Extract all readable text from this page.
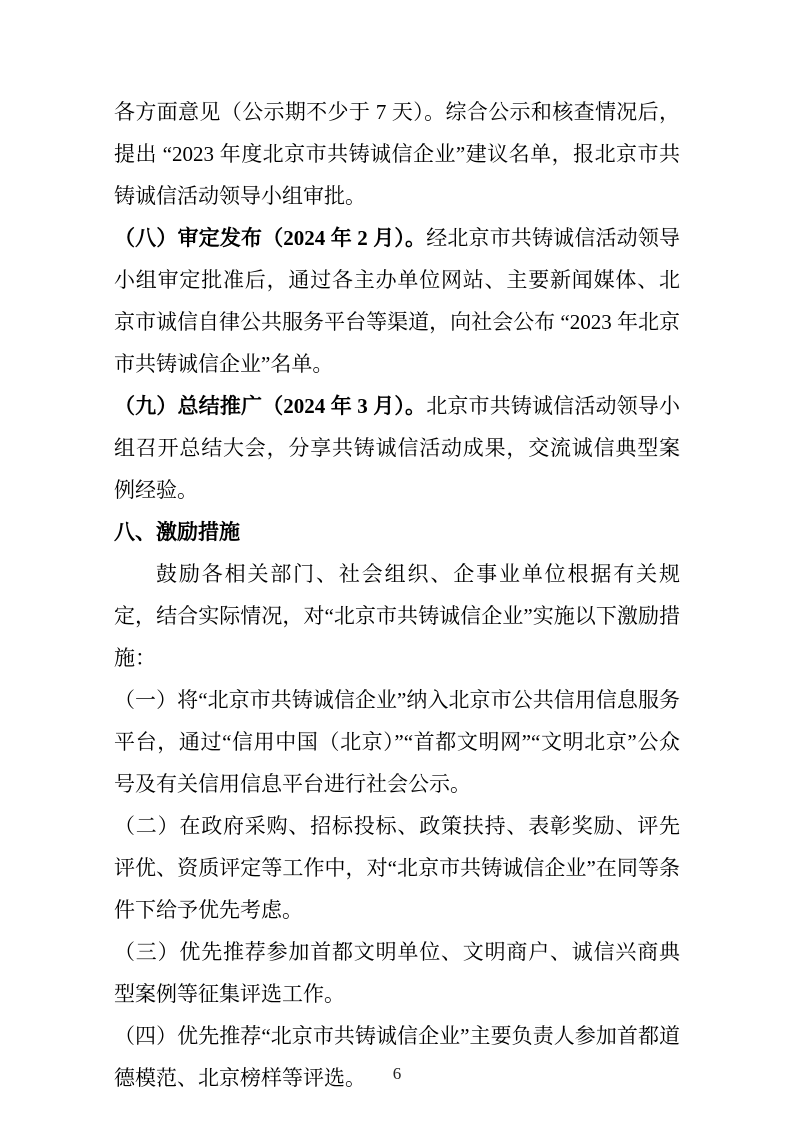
各方面意见（公示期不少于 7 天）。综合公示和核查情况后，提出 “2023 年度北京市共铸诚信企业”建议名单，报北京市共铸诚信活动领导小组审批。

（八）审定发布（2024 年 2 月）。经北京市共铸诚信活动领导小组审定批准后，通过各主办单位网站、主要新闻媒体、北京市诚信自律公共服务平台等渠道，向社会公布 “2023 年北京市共铸诚信企业”名单。

（九）总结推广（2024 年 3 月）。北京市共铸诚信活动领导小组召开总结大会，分享共铸诚信活动成果，交流诚信典型案例经验。

八、激励措施

鼓励各相关部门、社会组织、企事业单位根据有关规定，结合实际情况，对“北京市共铸诚信企业”实施以下激励措施：

（一）将“北京市共铸诚信企业”纳入北京市公共信用信息服务平台，通过“信用中国（北京）”“首都文明网”“文明北京”公众号及有关信用信息平台进行社会公示。

（二）在政府采购、招标投标、政策扶持、表彰奖励、评先评优、资质评定等工作中，对“北京市共铸诚信企业”在同等条件下给予优先考虑。

（三）优先推荐参加首都文明单位、文明商户、诚信兴商典型案例等征集评选工作。

（四）优先推荐“北京市共铸诚信企业”主要负责人参加首都道德模范、北京榜样等评选。	6
